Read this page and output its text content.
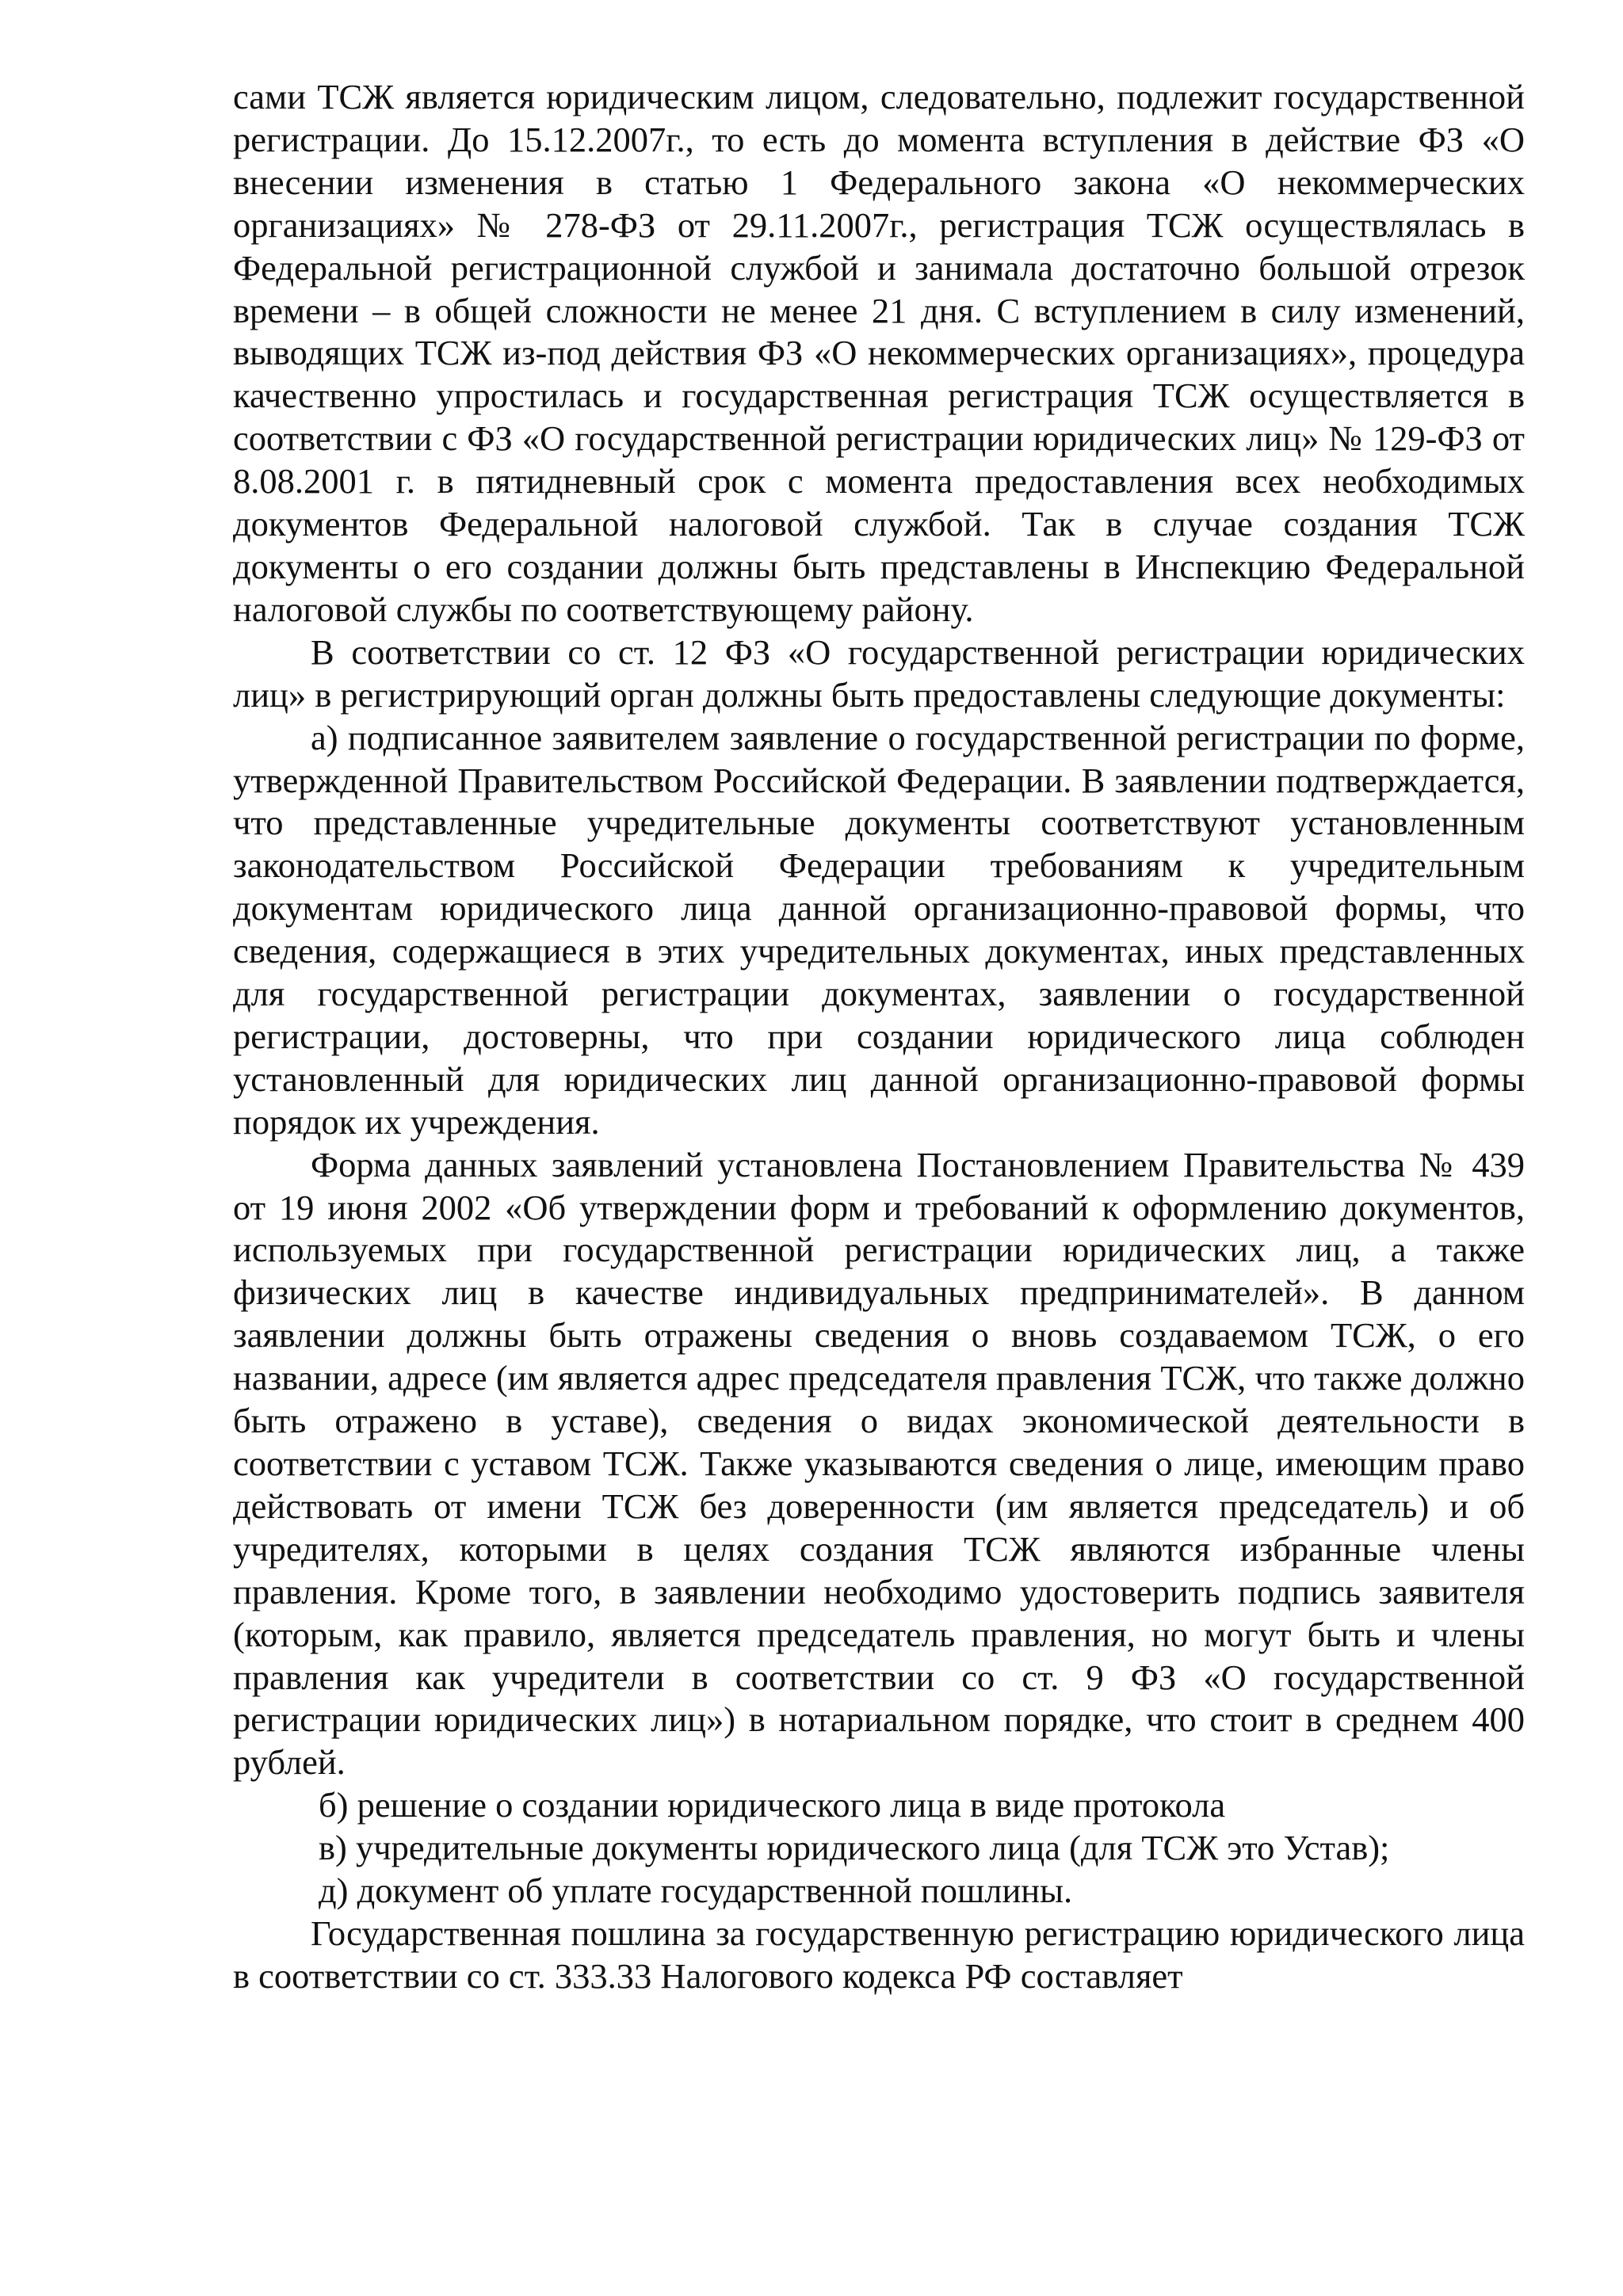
сами ТСЖ является юридическим лицом, следовательно, подлежит государственной регистрации. До 15.12.2007г., то есть до момента вступления в действие ФЗ «О внесении изменения в статью 1 Федерального закона «О некоммерческих организациях» № 278-ФЗ от 29.11.2007г., регистрация ТСЖ осуществлялась в Федеральной регистрационной службой и занимала достаточно большой отрезок времени – в общей сложности не менее 21 дня. С вступлением в силу изменений, выводящих ТСЖ из-под действия ФЗ «О некоммерческих организациях», процедура качественно упростилась и государственная регистрация ТСЖ осуществляется в соответствии с ФЗ «О государственной регистрации юридических лиц» № 129-ФЗ от 8.08.2001 г. в пятидневный срок с момента предоставления всех необходимых документов Федеральной налоговой службой. Так в случае создания ТСЖ документы о его создании должны быть представлены в Инспекцию Федеральной налоговой службы по соответствующему району.

В соответствии со ст. 12 ФЗ «О государственной регистрации юридических лиц» в регистрирующий орган должны быть предоставлены следующие документы:

а) подписанное заявителем заявление о государственной регистрации по форме, утвержденной Правительством Российской Федерации. В заявлении подтверждается, что представленные учредительные документы соответствуют установленным законодательством Российской Федерации требованиям к учредительным документам юридического лица данной организационно-правовой формы, что сведения, содержащиеся в этих учредительных документах, иных представленных для государственной регистрации документах, заявлении о государственной регистрации, достоверны, что при создании юридического лица соблюден установленный для юридических лиц данной организационно-правовой формы порядок их учреждения.

Форма данных заявлений установлена Постановлением Правительства № 439 от 19 июня 2002 «Об утверждении форм и требований к оформлению документов, используемых при государственной регистрации юридических лиц, а также физических лиц в качестве индивидуальных предпринимателей». В данном заявлении должны быть отражены сведения о вновь создаваемом ТСЖ, о его названии, адресе (им является адрес председателя правления ТСЖ, что также должно быть отражено в уставе), сведения о видах экономической деятельности в соответствии с уставом ТСЖ. Также указываются сведения о лице, имеющим право действовать от имени ТСЖ без доверенности (им является председатель) и об учредителях, которыми в целях создания ТСЖ являются избранные члены правления. Кроме того, в заявлении необходимо удостоверить подпись заявителя (которым, как правило, является председатель правления, но могут быть и члены правления как учредители в соответствии со ст. 9 ФЗ «О государственной регистрации юридических лиц») в нотариальном порядке, что стоит в среднем 400 рублей.

б) решение о создании юридического лица в виде протокола

в) учредительные документы юридического лица (для ТСЖ это Устав);

д) документ об уплате государственной пошлины.

Государственная пошлина за государственную регистрацию юридического лица в соответствии со ст. 333.33 Налогового кодекса РФ составляет
